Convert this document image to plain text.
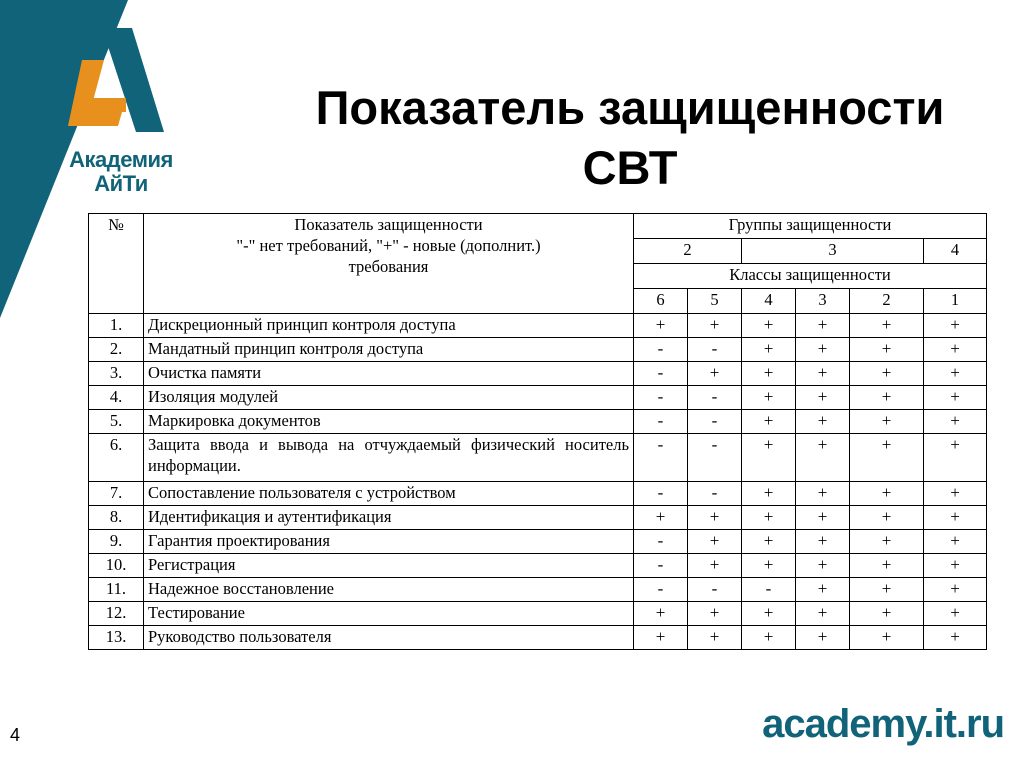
Академия
АйТи
Показатель защищенности
СВТ
№	Показатель защищенности
"-" нет требований, "+" - новые (дополнит.)
требования	Группы защищенности					
		2		3			4
		Классы защищенности					
		6	5	4	3	2	1
1.	Дискреционный принцип контроля доступа	+	+	+	+	+	+
2.	Мандатный принцип контроля доступа	-	-	+	+	+	+
3.	Очистка памяти	-	+	+	+	+	+
4.	Изоляция модулей	-	-	+	+	+	+
5.	Маркировка документов	-	-	+	+	+	+
6.	Защита ввода и вывода на отчуждаемый физический носитель информации.	-	-	+	+	+	+
7.	Сопоставление пользователя с устройством	-	-	+	+	+	+
8.	Идентификация и аутентификация	+	+	+	+	+	+
9.	Гарантия проектирования	-	+	+	+	+	+
10.	Регистрация	-	+	+	+	+	+
11.	Надежное восстановление	-	-	-	+	+	+
12.	Тестирование	+	+	+	+	+	+
13.	Руководство пользователя	+	+	+	+	+	+
4	academy.it.ru
